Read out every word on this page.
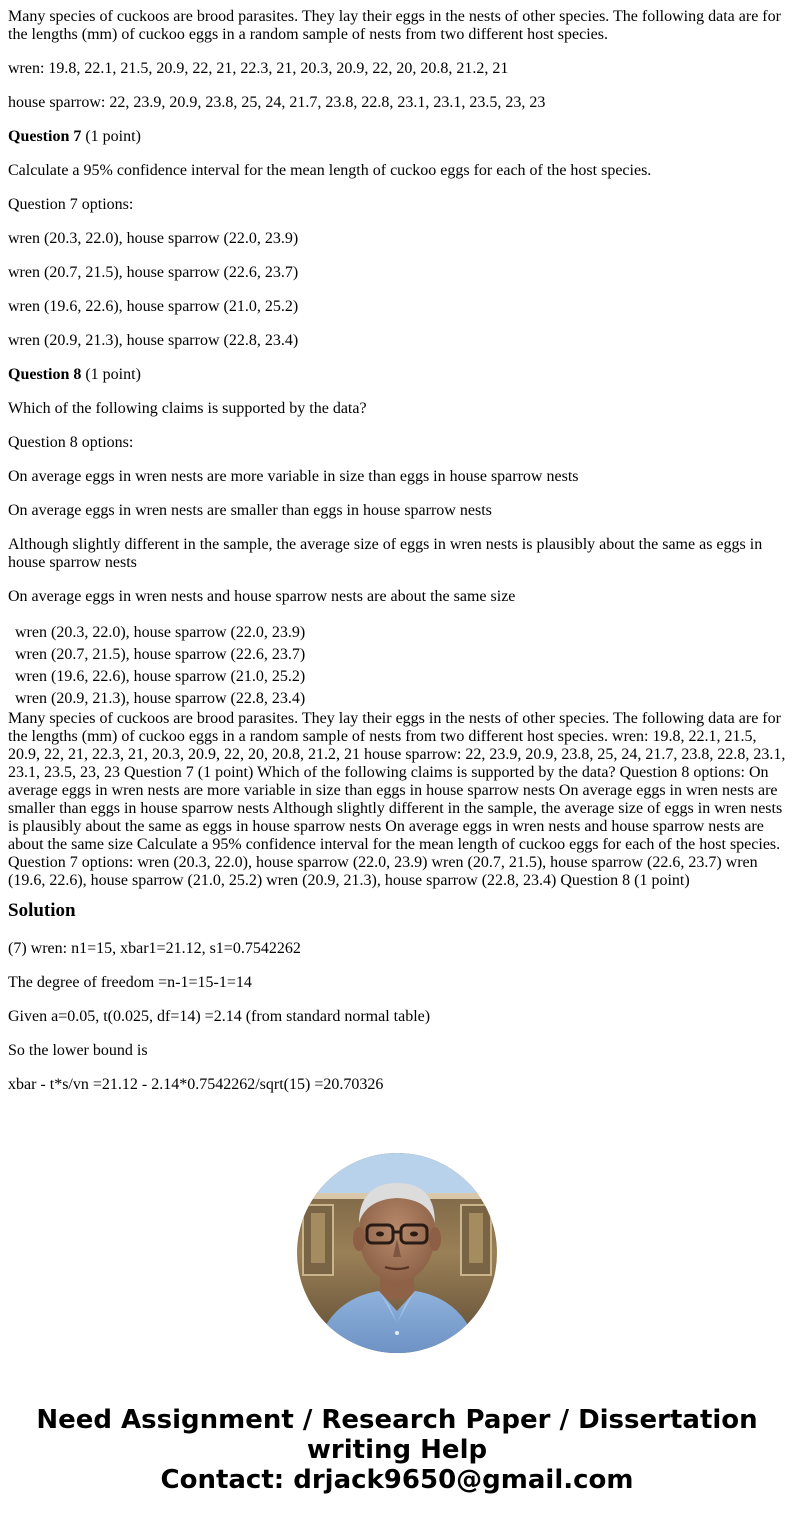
Many species of cuckoos are brood parasites. They lay their eggs in the nests of other species. The following data are for the lengths (mm) of cuckoo eggs in a random sample of nests from two different host species.

wren: 19.8, 22.1, 21.5, 20.9, 22, 21, 22.3, 21, 20.3, 20.9, 22, 20, 20.8, 21.2, 21

house sparrow: 22, 23.9, 20.9, 23.8, 25, 24, 21.7, 23.8, 22.8, 23.1, 23.1, 23.5, 23, 23

Question 7 (1 point)

Calculate a 95% confidence interval for the mean length of cuckoo eggs for each of the host species.

Question 7 options:

wren (20.3, 22.0), house sparrow (22.0, 23.9)

wren (20.7, 21.5), house sparrow (22.6, 23.7)

wren (19.6, 22.6), house sparrow (21.0, 25.2)

wren (20.9, 21.3), house sparrow (22.8, 23.4)

Question 8 (1 point)

Which of the following claims is supported by the data?

Question 8 options:

On average eggs in wren nests are more variable in size than eggs in house sparrow nests

On average eggs in wren nests are smaller than eggs in house sparrow nests

Although slightly different in the sample, the average size of eggs in wren nests is plausibly about the same as eggs in house sparrow nests

On average eggs in wren nests and house sparrow nests are about the same size

wren (20.3, 22.0), house sparrow (22.0, 23.9)
wren (20.7, 21.5), house sparrow (22.6, 23.7)
wren (19.6, 22.6), house sparrow (21.0, 25.2)
wren (20.9, 21.3), house sparrow (22.8, 23.4)
Many species of cuckoos are brood parasites. They lay their eggs in the nests of other species. The following data are for the lengths (mm) of cuckoo eggs in a random sample of nests from two different host species. wren: 19.8, 22.1, 21.5, 20.9, 22, 21, 22.3, 21, 20.3, 20.9, 22, 20, 20.8, 21.2, 21 house sparrow: 22, 23.9, 20.9, 23.8, 25, 24, 21.7, 23.8, 22.8, 23.1, 23.1, 23.5, 23, 23 Question 7 (1 point) Which of the following claims is supported by the data? Question 8 options: On average eggs in wren nests are more variable in size than eggs in house sparrow nests On average eggs in wren nests are smaller than eggs in house sparrow nests Although slightly different in the sample, the average size of eggs in wren nests is plausibly about the same as eggs in house sparrow nests On average eggs in wren nests and house sparrow nests are about the same size Calculate a 95% confidence interval for the mean length of cuckoo eggs for each of the host species. Question 7 options: wren (20.3, 22.0), house sparrow (22.0, 23.9) wren (20.7, 21.5), house sparrow (22.6, 23.7) wren (19.6, 22.6), house sparrow (21.0, 25.2) wren (20.9, 21.3), house sparrow (22.8, 23.4) Question 8 (1 point)
Solution

(7) wren: n1=15, xbar1=21.12, s1=0.7542262

The degree of freedom =n-1=15-1=14

Given a=0.05, t(0.025, df=14) =2.14 (from standard normal table)

So the lower bound is

xbar - t*s/vn =21.12 - 2.14*0.7542262/sqrt(15) =20.70326

Need Assignment / Research Paper / Dissertation
writing Help
Contact: drjack9650@gmail.com
